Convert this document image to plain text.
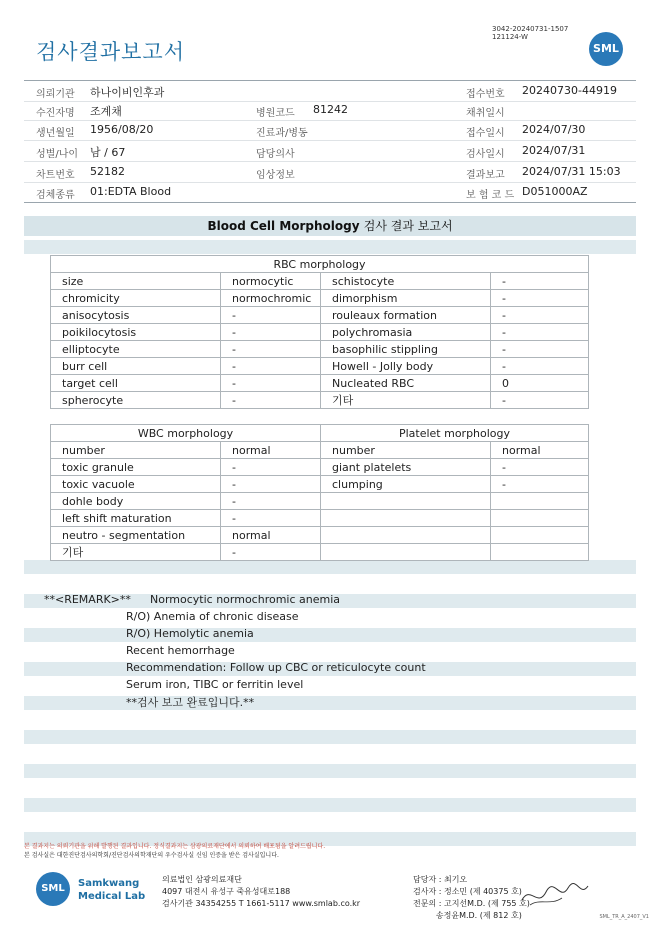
검사결과보고서
3042-20240731-1507
121124-W
SML
의뢰기관 하나이비인후과	접수번호 20240730-44919
수진자명 조계채	병원코드 81242	채취일시
생년월일 1956/08/20	진료과/병동	접수일시 2024/07/30
성별/나이 남 / 67	담당의사	검사일시 2024/07/31
차트번호 52182	임상정보	결과보고 2024/07/31 15:03
검체종류 01:EDTA Blood	보 험 코 드 D051000AZ
Blood Cell Morphology 검사 결과 보고서
RBC morphology			
size	normocytic	schistocyte	-
chromicity	normochromic	dimorphism	-
anisocytosis	-	rouleaux formation	-
poikilocytosis	-	polychromasia	-
elliptocyte	-	basophilic stippling	-
burr cell	-	Howell - Jolly body	-
target cell	-	Nucleated RBC	0
spherocyte	-	기타	-
WBC morphology		Platelet morphology	
number	normal	number	normal
toxic granule	-	giant platelets	-
toxic vacuole	-	clumping	-
dohle body	-		
left shift maturation	-		
neutro - segmentation	normal		
기타	-		
**<REMARK>** Normocytic normochromic anemia
R/O) Anemia of chronic disease
R/O) Hemolytic anemia
Recent hemorrhage
Recommendation: Follow up CBC or reticulocyte count
Serum iron, TIBC or ferritin level
**검사 보고 완료입니다.**
본 결과지는 의뢰기관을 위해 발행된 결과입니다. 정식결과지는 삼광의료재단에서 의뢰하여 배포됨을 알려드립니다.
본 검사실은 대한진단검사의학회/진단검사의학재단의 우수검사실 신임 인증을 받은 검사실입니다.
SML	Samkwang
Medical Lab
의료법인 삼광의료재단
4097 대전시 유성구 죽유성대로188
검사기관 34354255 T 1661-5117 www.smlab.co.kr
담당자 : 최기오
검사자 : 정소민 (제 40375 호)
전문의 : 고지선M.D. (제 755 호)
송정윤M.D. (제 812 호)	SML_TR_A_2407_V1
